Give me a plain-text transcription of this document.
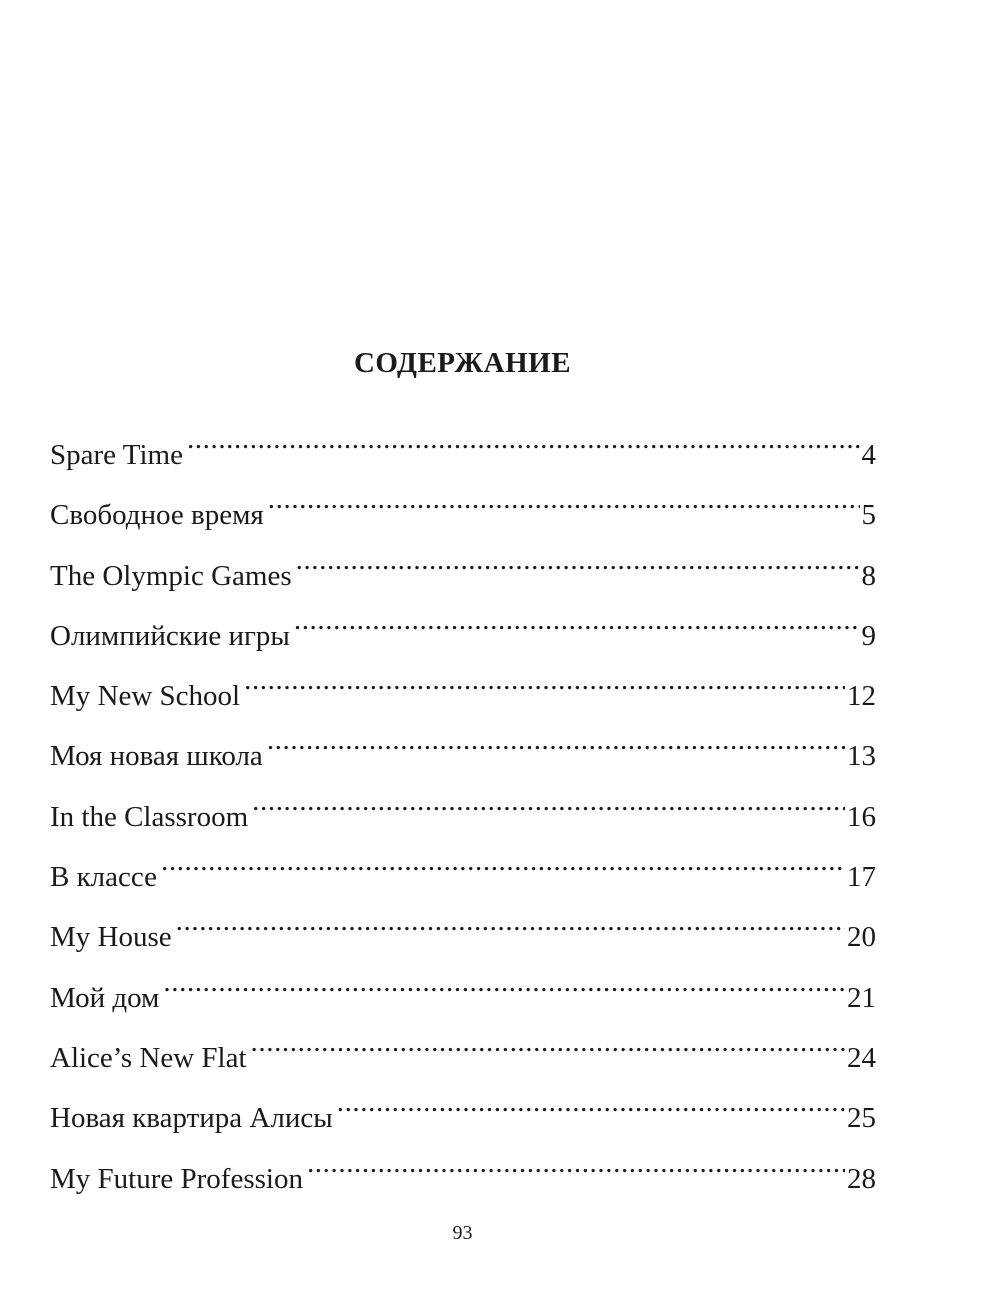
СОДЕРЖАНИЕ
Spare Time .....	4
Свободное время .....	5
The Olympic Games .....	8
Олимпийские игры .....	9
My New School .....	12
Моя новая школа .....	13
In the Classroom .....	16
В классе .....	17
My House .....	20
Мой дом .....	21
Alice’s New Flat .....	24
Новая квартира Алисы .....	25
My Future Profession .....	28
93
